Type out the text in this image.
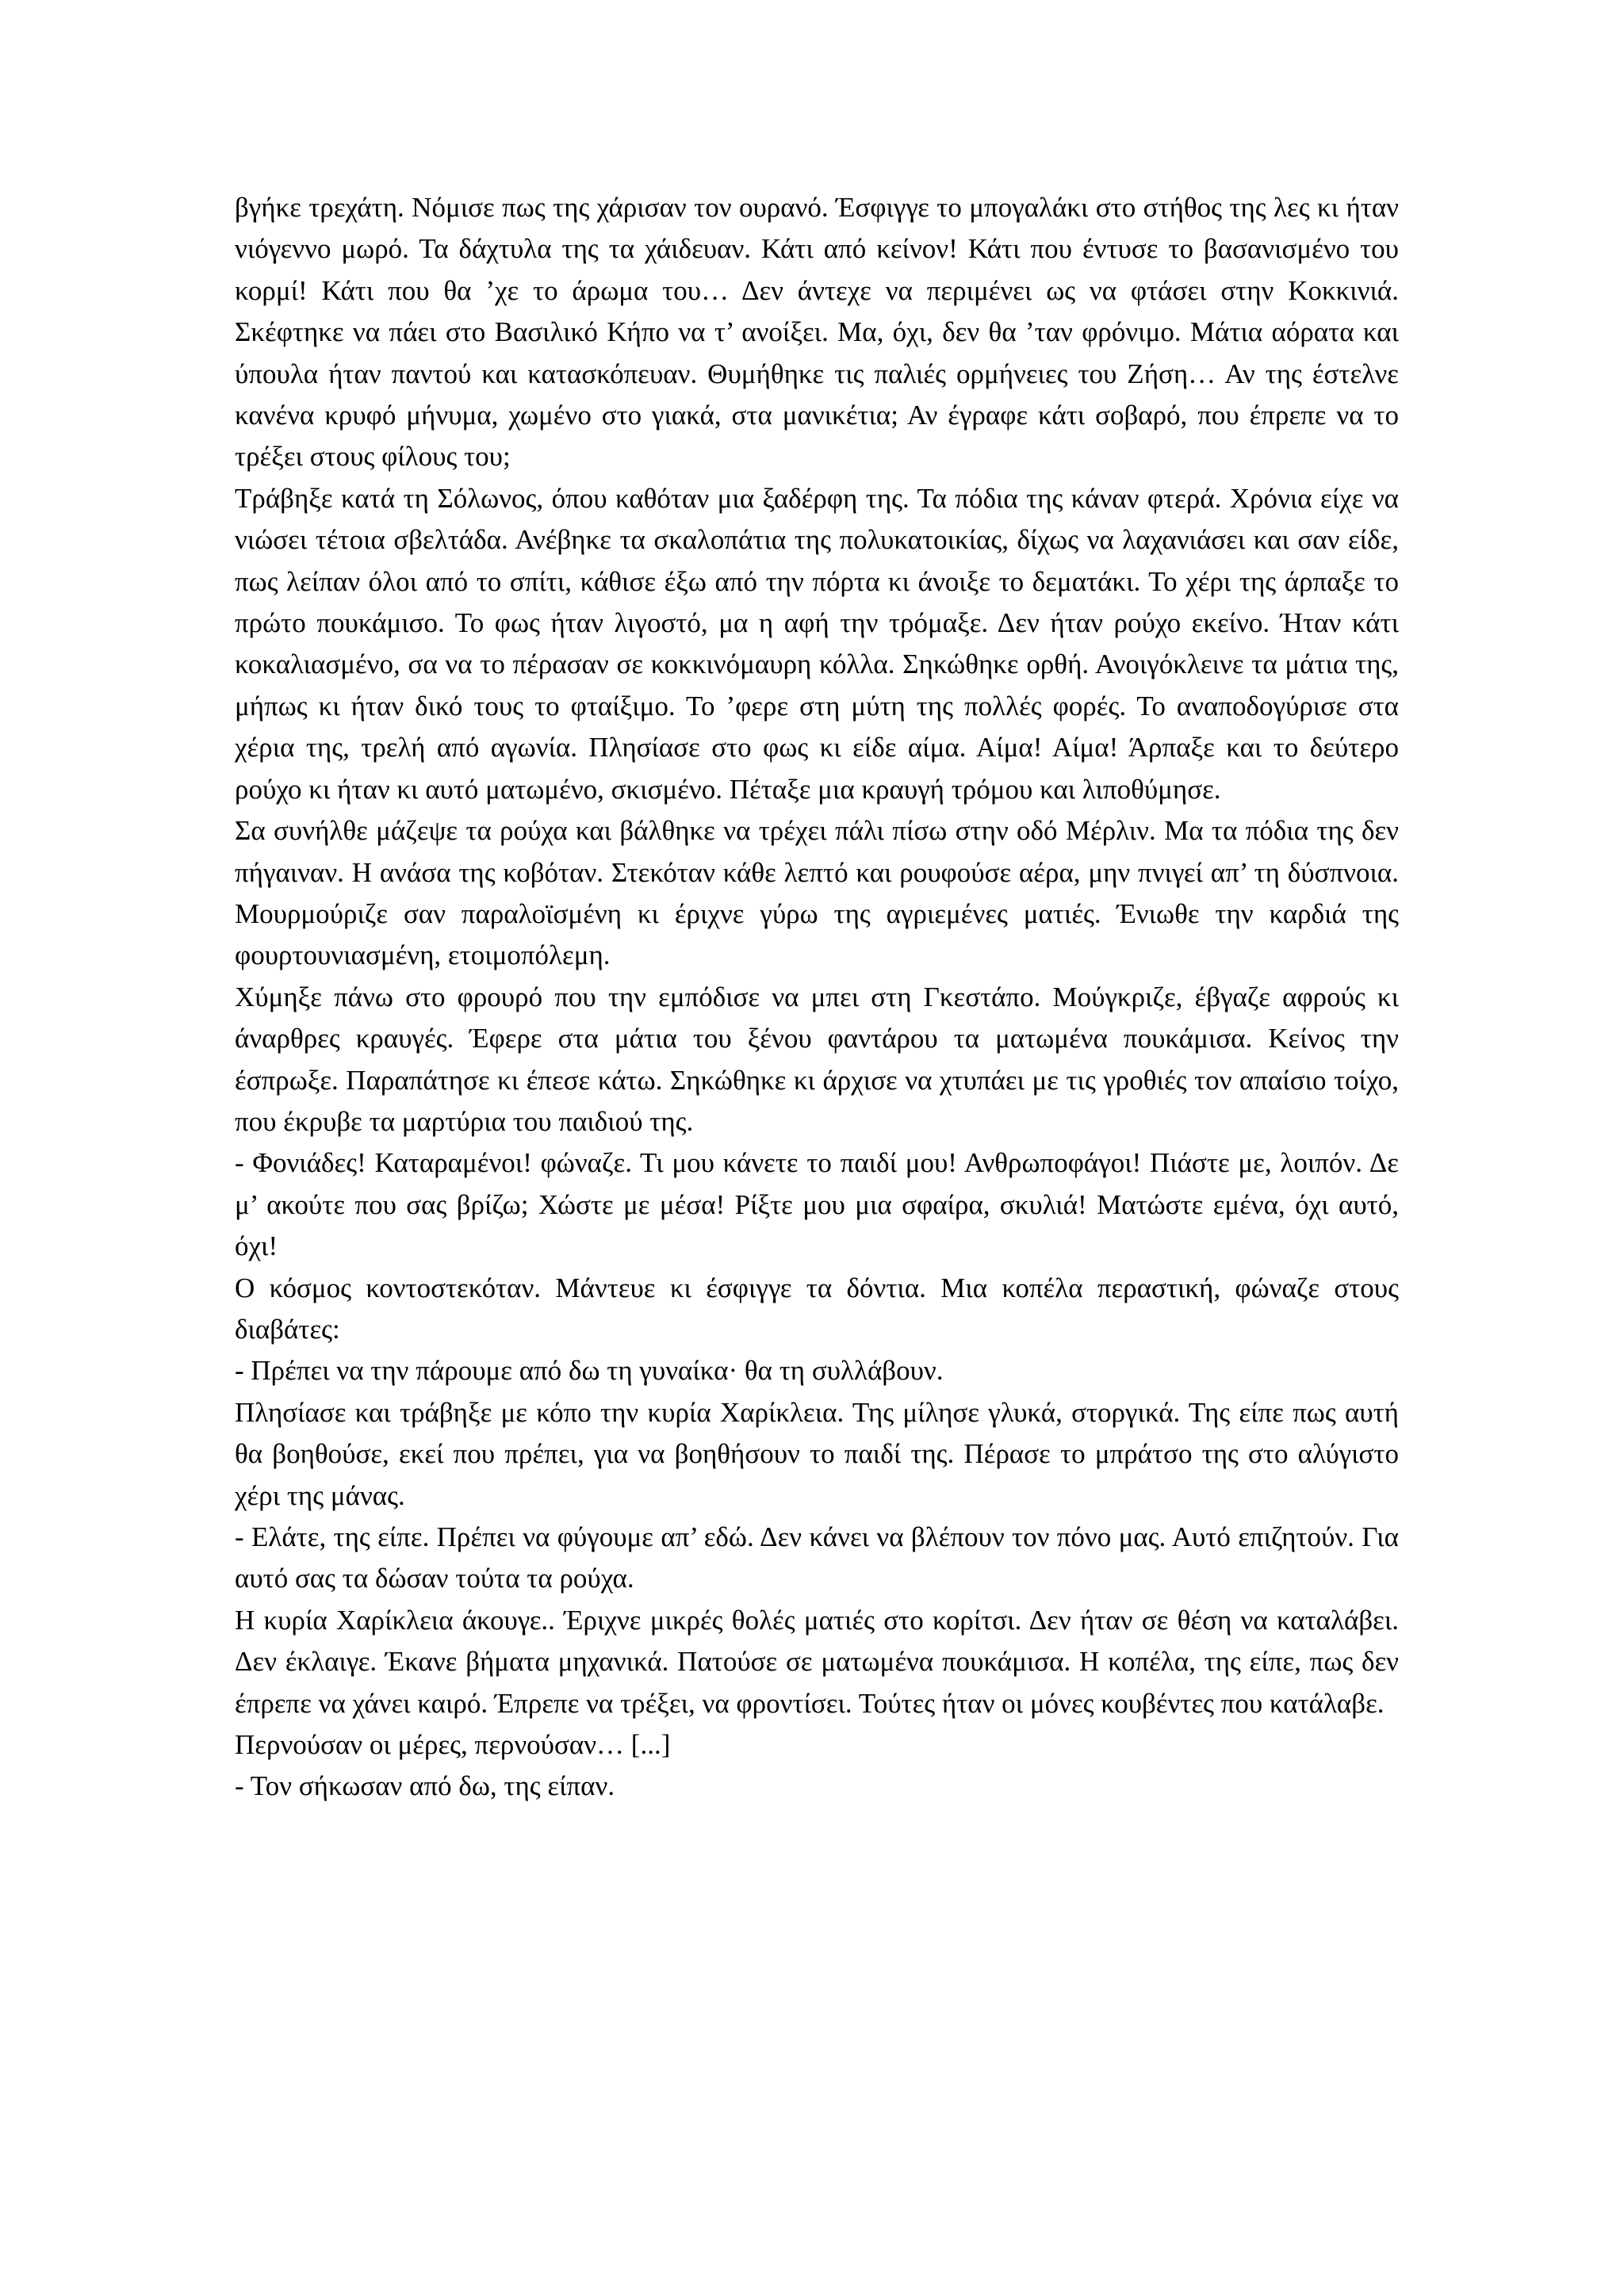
βγήκε τρεχάτη. Νόμισε πως της χάρισαν τον ουρανό. Έσφιγγε το μπογαλάκι στο στήθος της λες κι ήταν νιόγεννο μωρό. Τα δάχτυλα της τα χάιδευαν. Κάτι από κείνον! Κάτι που έντυσε το βασανισμένο του κορμί! Κάτι που θα ’χε το άρωμα του… Δεν άντεχε να περιμένει ως να φτάσει στην Κοκκινιά. Σκέφτηκε να πάει στο Βασιλικό Κήπο να τ’ ανοίξει. Μα, όχι, δεν θα ’ταν φρόνιμο. Μάτια αόρατα και ύπουλα ήταν παντού και κατασκόπευαν. Θυμήθηκε τις παλιές ορμήνειες του Ζήση… Αν της έστελνε κανένα κρυφό μήνυμα, χωμένο στο γιακά, στα μανικέτια; Αν έγραφε κάτι σοβαρό, που έπρεπε να το τρέξει στους φίλους του;

Τράβηξε κατά τη Σόλωνος, όπου καθόταν μια ξαδέρφη της. Τα πόδια της κάναν φτερά. Χρόνια είχε να νιώσει τέτοια σβελτάδα. Ανέβηκε τα σκαλοπάτια της πολυκατοικίας, δίχως να λαχανιάσει και σαν είδε, πως λείπαν όλοι από το σπίτι, κάθισε έξω από την πόρτα κι άνοιξε το δεματάκι. Το χέρι της άρπαξε το πρώτο πουκάμισο. Το φως ήταν λιγοστό, μα η αφή την τρόμαξε. Δεν ήταν ρούχο εκείνο. Ήταν κάτι κοκαλιασμένο, σα να το πέρασαν σε κοκκινόμαυρη κόλλα. Σηκώθηκε ορθή. Ανοιγόκλεινε τα μάτια της, μήπως κι ήταν δικό τους το φταίξιμο. Το ’φερε στη μύτη της πολλές φορές. Το αναποδογύρισε στα χέρια της, τρελή από αγωνία. Πλησίασε στο φως κι είδε αίμα. Αίμα! Αίμα! Άρπαξε και το δεύτερο ρούχο κι ήταν κι αυτό ματωμένο, σκισμένο. Πέταξε μια κραυγή τρόμου και λιποθύμησε.

Σα συνήλθε μάζεψε τα ρούχα και βάλθηκε να τρέχει πάλι πίσω στην οδό Μέρλιν. Μα τα πόδια της δεν πήγαιναν. Η ανάσα της κοβόταν. Στεκόταν κάθε λεπτό και ρουφούσε αέρα, μην πνιγεί απ’ τη δύσπνοια. Μουρμούριζε σαν παραλοϊσμένη κι έριχνε γύρω της αγριεμένες ματιές. Ένιωθε την καρδιά της φουρτουνιασμένη, ετοιμοπόλεμη.

Χύμηξε πάνω στο φρουρό που την εμπόδισε να μπει στη Γκεστάπο. Μούγκριζε, έβγαζε αφρούς κι άναρθρες κραυγές. Έφερε στα μάτια του ξένου φαντάρου τα ματωμένα πουκάμισα. Κείνος την έσπρωξε. Παραπάτησε κι έπεσε κάτω. Σηκώθηκε κι άρχισε να χτυπάει με τις γροθιές τον απαίσιο τοίχο, που έκρυβε τα μαρτύρια του παιδιού της.

- Φονιάδες! Καταραμένοι! φώναζε. Τι μου κάνετε το παιδί μου! Ανθρωποφάγοι! Πιάστε με, λοιπόν. Δε μ’ ακούτε που σας βρίζω; Χώστε με μέσα! Ρίξτε μου μια σφαίρα, σκυλιά! Ματώστε εμένα, όχι αυτό, όχι!

Ο κόσμος κοντοστεκόταν. Μάντευε κι έσφιγγε τα δόντια. Μια κοπέλα περαστική, φώναζε στους διαβάτες:

- Πρέπει να την πάρουμε από δω τη γυναίκα· θα τη συλλάβουν.

Πλησίασε και τράβηξε με κόπο την κυρία Χαρίκλεια. Της μίλησε γλυκά, στοργικά. Της είπε πως αυτή θα βοηθούσε, εκεί που πρέπει, για να βοηθήσουν το παιδί της. Πέρασε το μπράτσο της στο αλύγιστο χέρι της μάνας.

- Ελάτε, της είπε. Πρέπει να φύγουμε απ’ εδώ. Δεν κάνει να βλέπουν τον πόνο μας. Αυτό επιζητούν. Για αυτό σας τα δώσαν τούτα τα ρούχα.

Η κυρία Χαρίκλεια άκουγε.. Έριχνε μικρές θολές ματιές στο κορίτσι. Δεν ήταν σε θέση να καταλάβει. Δεν έκλαιγε. Έκανε βήματα μηχανικά. Πατούσε σε ματωμένα πουκάμισα. Η κοπέλα, της είπε, πως δεν έπρεπε να χάνει καιρό. Έπρεπε να τρέξει, να φροντίσει. Τούτες ήταν οι μόνες κουβέντες που κατάλαβε.

Περνούσαν οι μέρες, περνούσαν… [...]

- Τον σήκωσαν από δω, της είπαν.
